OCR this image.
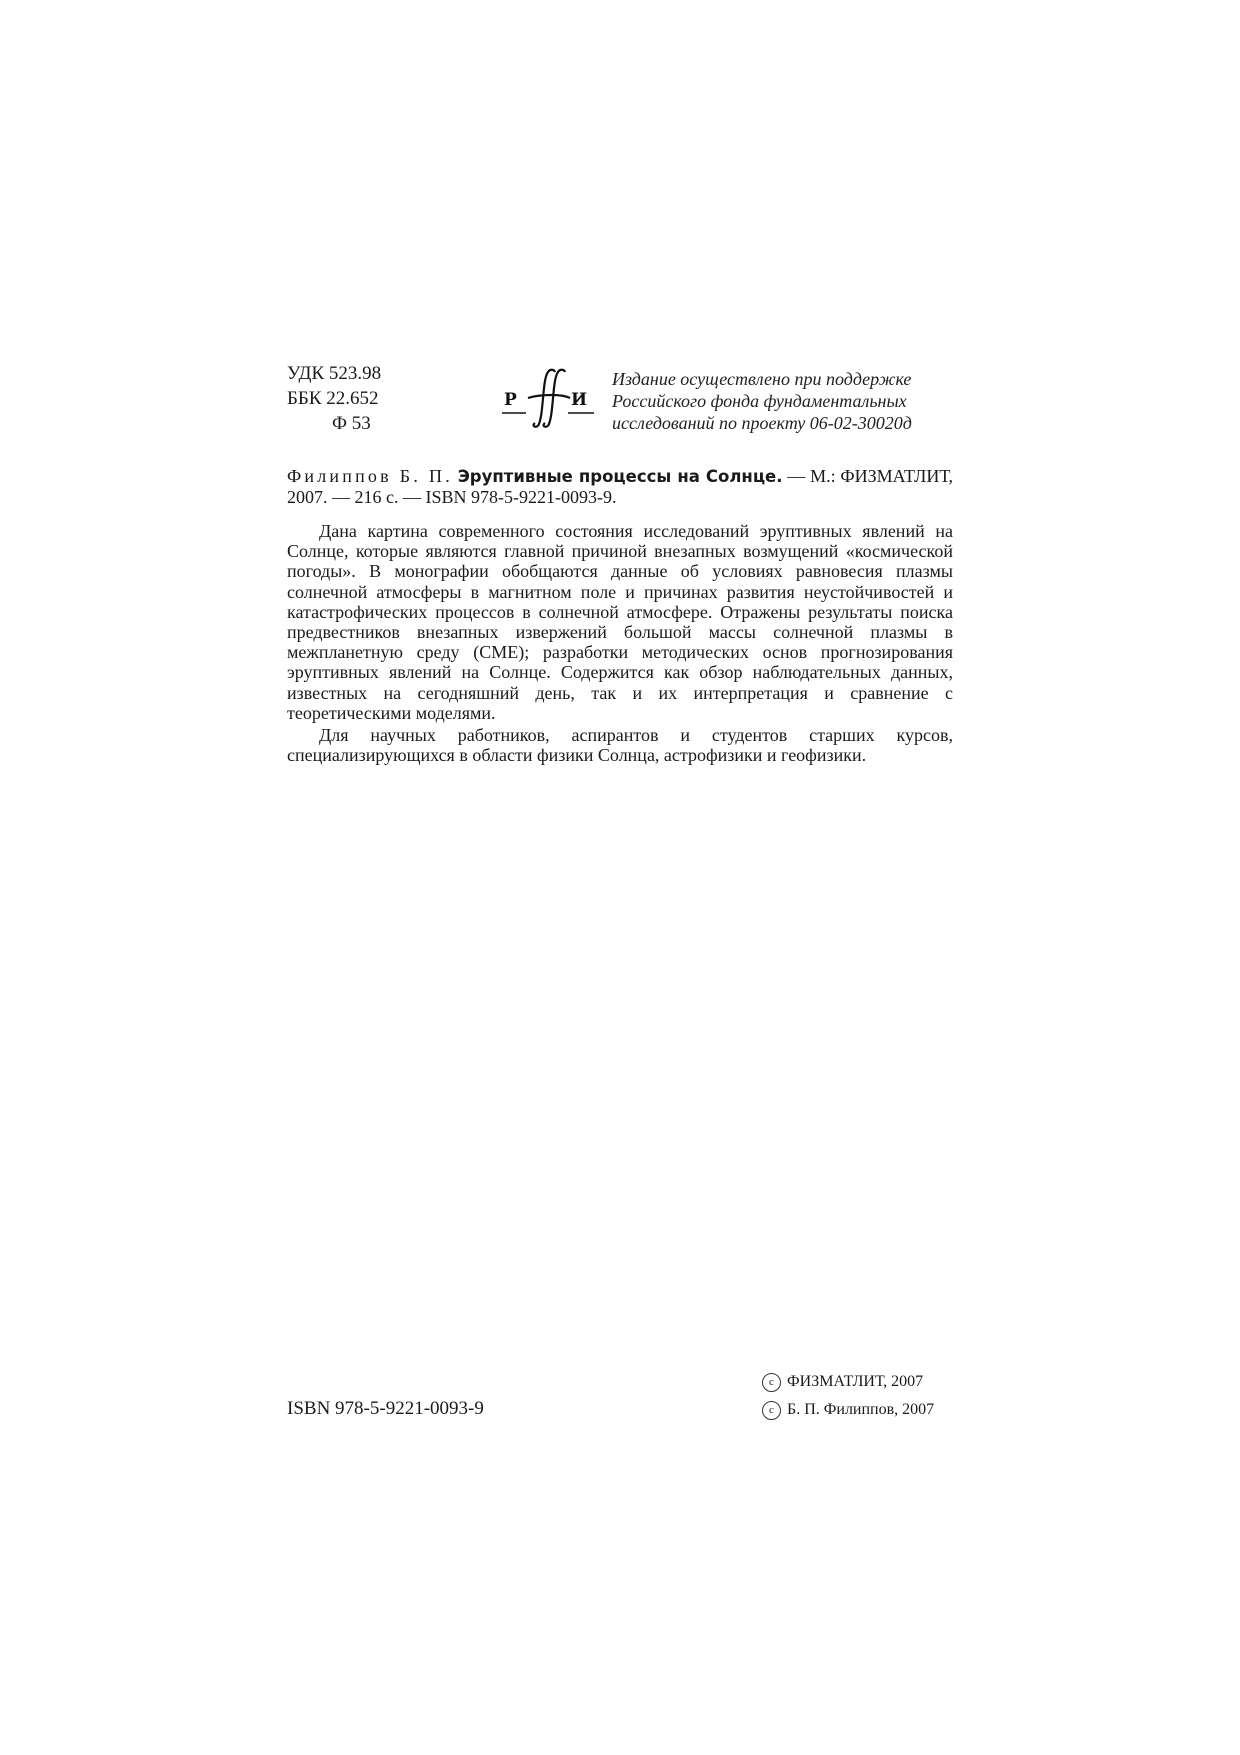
УДК 523.98
ББК 22.652
Ф 53
Р	И
Издание осуществлено при поддержке
Российского фонда фундаментальных
исследований по проекту 06-02-30020д
Филиппов Б. П. Эруптивные процессы на Солнце. — М.: ФИЗМАТЛИТ, 2007. — 216 с. — ISBN 978-5-9221-0093-9.

Дана картина современного состояния исследований эруптивных явлений на Солнце, которые являются главной причиной внезапных возмущений «космической погоды». В монографии обобщаются данные об условиях равновесия плазмы солнечной атмосферы в магнитном поле и причинах развития неустойчивостей и катастрофических процессов в солнечной атмосфере. Отражены результаты поиска предвестников внезапных извержений большой массы солнечной плазмы в межпланетную среду (CME); разработки методических основ прогнозирования эруптивных явлений на Солнце. Содержится как обзор наблюдательных данных, известных на сегодняшний день, так и их интерпретация и сравнение с теоретическими моделями.

Для научных работников, аспирантов и студентов старших курсов, специализирующихся в области физики Солнца, астрофизики и геофизики.

ISBN 978-5-9221-0093-9
c ФИЗМАТЛИТ, 2007
c Б. П. Филиппов, 2007
